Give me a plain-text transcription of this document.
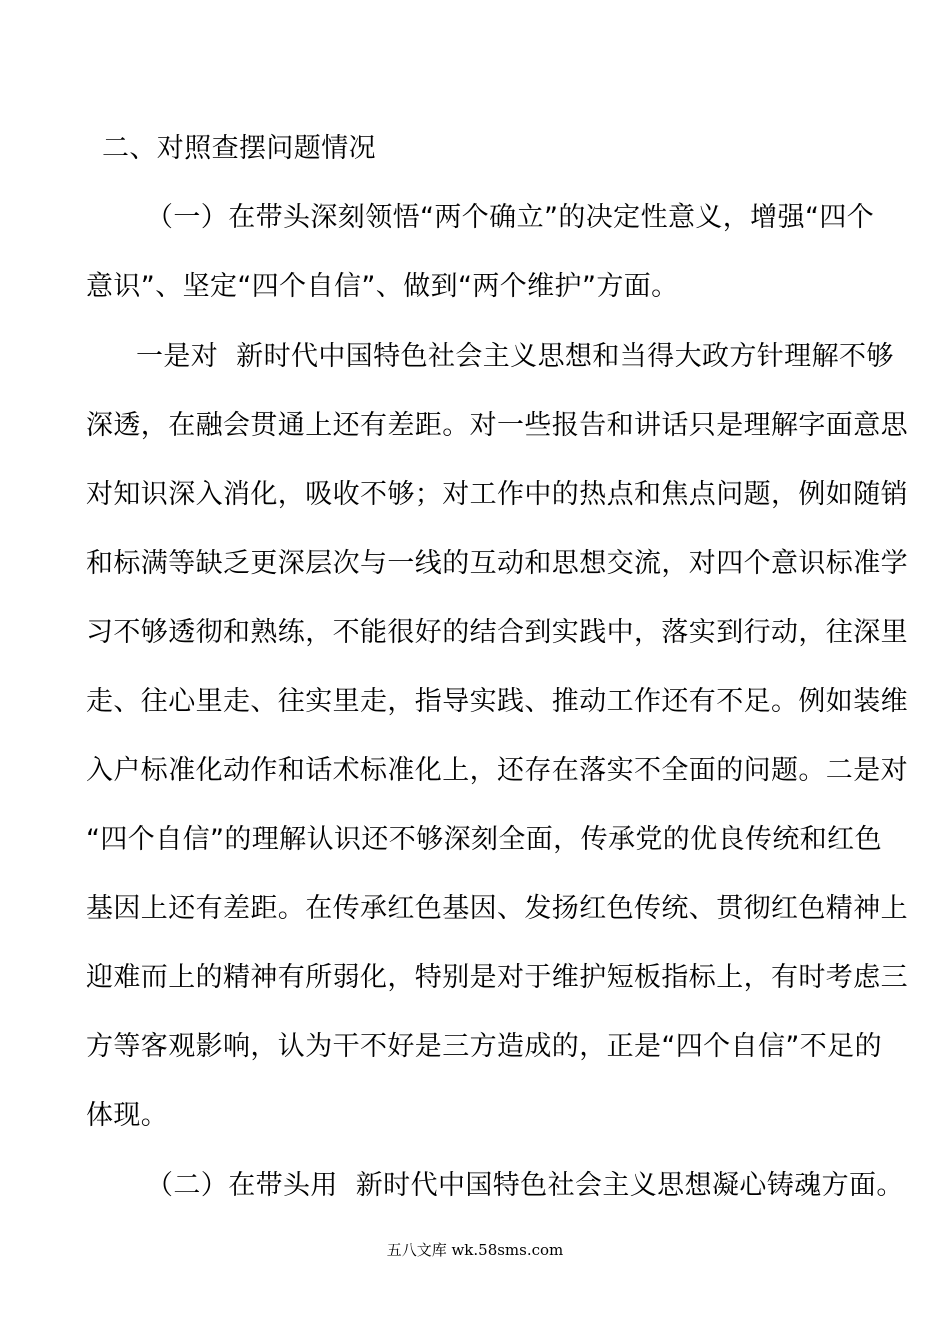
二、对照查摆问题情况
（一）在带头深刻领悟“两个确立”的决定性意义，增强“四个
意识”、坚定“四个自信”、做到“两个维护”方面。
一是对  新时代中国特色社会主义思想和当得大政方针理解不够
深透，在融会贯通上还有差距。对一些报告和讲话只是理解字面意思
对知识深入消化，吸收不够；对工作中的热点和焦点问题，例如随销
和标满等缺乏更深层次与一线的互动和思想交流，对四个意识标准学
习不够透彻和熟练，不能很好的结合到实践中，落实到行动，往深里
走、往心里走、往实里走，指导实践、推动工作还有不足。例如装维
入户标准化动作和话术标准化上，还存在落实不全面的问题。二是对
“四个自信”的理解认识还不够深刻全面，传承党的优良传统和红色
基因上还有差距。在传承红色基因、发扬红色传统、贯彻红色精神上
迎难而上的精神有所弱化，特别是对于维护短板指标上，有时考虑三
方等客观影响，认为干不好是三方造成的，正是“四个自信”不足的
体现。
（二）在带头用  新时代中国特色社会主义思想凝心铸魂方面。
五八文库 wk.58sms.com
